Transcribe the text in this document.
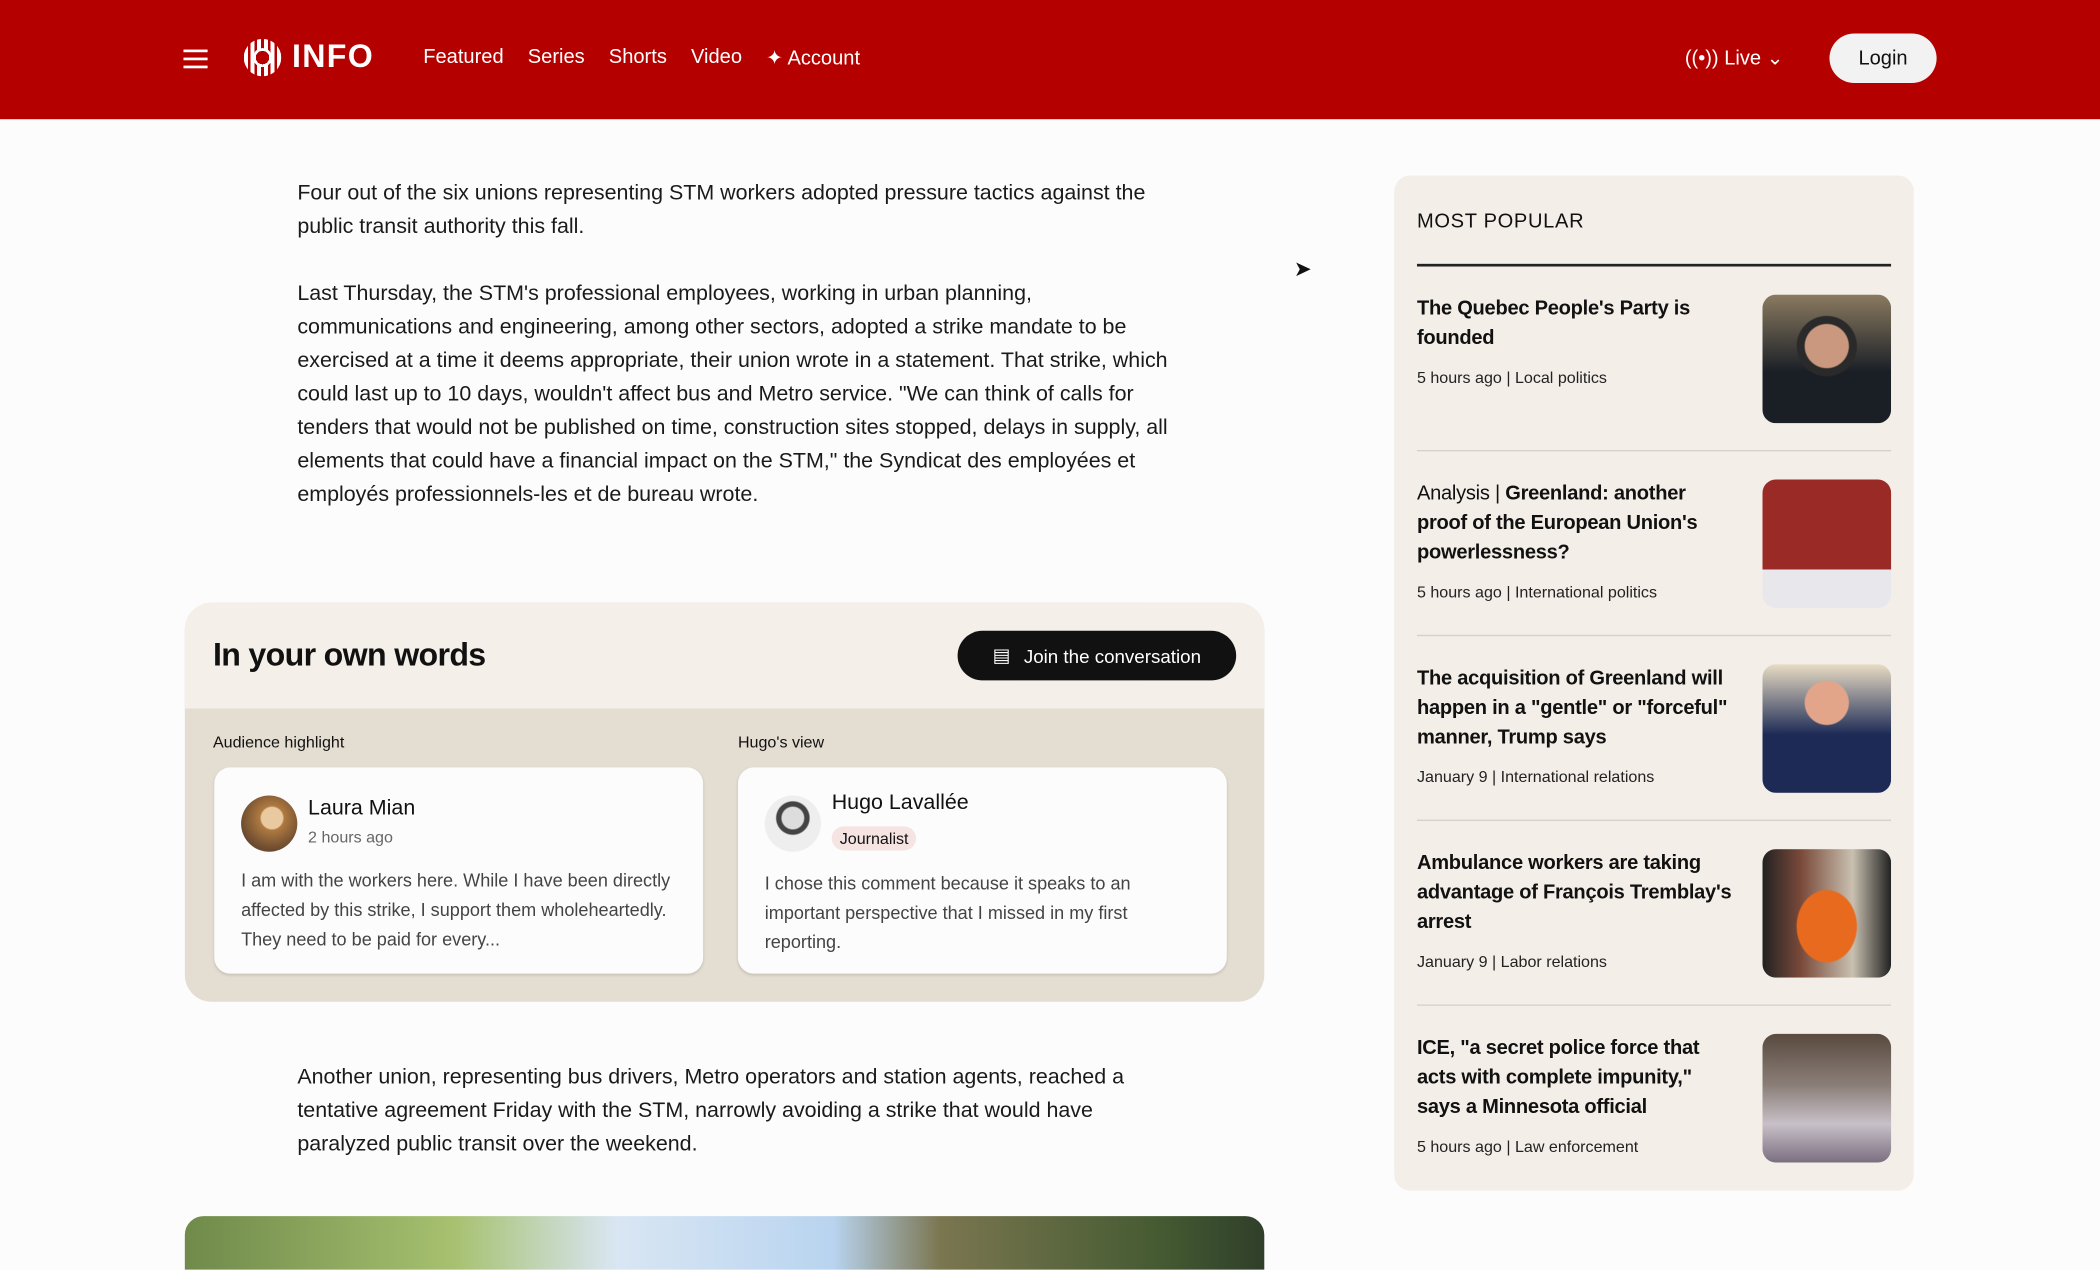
INFO	Featured Series Shorts Video ✦ Account	((•)) Live ⌄	Login
Four out of the six unions representing STM workers adopted pressure tactics against the public transit authority this fall.
Last Thursday, the STM's professional employees, working in urban planning, communications and engineering, among other sectors, adopted a strike mandate to be exercised at a time it deems appropriate, their union wrote in a statement. That strike, which could last up to 10 days, wouldn't affect bus and Metro service. "We can think of calls for tenders that would not be published on time, construction sites stopped, delays in supply, all elements that could have a financial impact on the STM," the Syndicat des employées et employés professionnels-les et de bureau wrote.
In your own words	▤ Join the conversation
Audience highlight	Hugo's view
Laura Mian
2 hours ago
I am with the workers here. While I have been directly affected by this strike, I support them wholeheartedly. They need to be paid for every...
Hugo Lavallée
Journalist
I chose this comment because it speaks to an important perspective that I missed in my first reporting.
Another union, representing bus drivers, Metro operators and station agents, reached a tentative agreement Friday with the STM, narrowly avoiding a strike that would have paralyzed public transit over the weekend.
MOST POPULAR
The Quebec People's Party is founded
5 hours ago | Local politics
Analysis | Greenland: another proof of the European Union's powerlessness?
5 hours ago | International politics
The acquisition of Greenland will happen in a "gentle" or "forceful" manner, Trump says
January 9 | International relations
Ambulance workers are taking advantage of François Tremblay's arrest
January 9 | Labor relations
ICE, "a secret police force that acts with complete impunity," says a Minnesota official
5 hours ago | Law enforcement
➤
